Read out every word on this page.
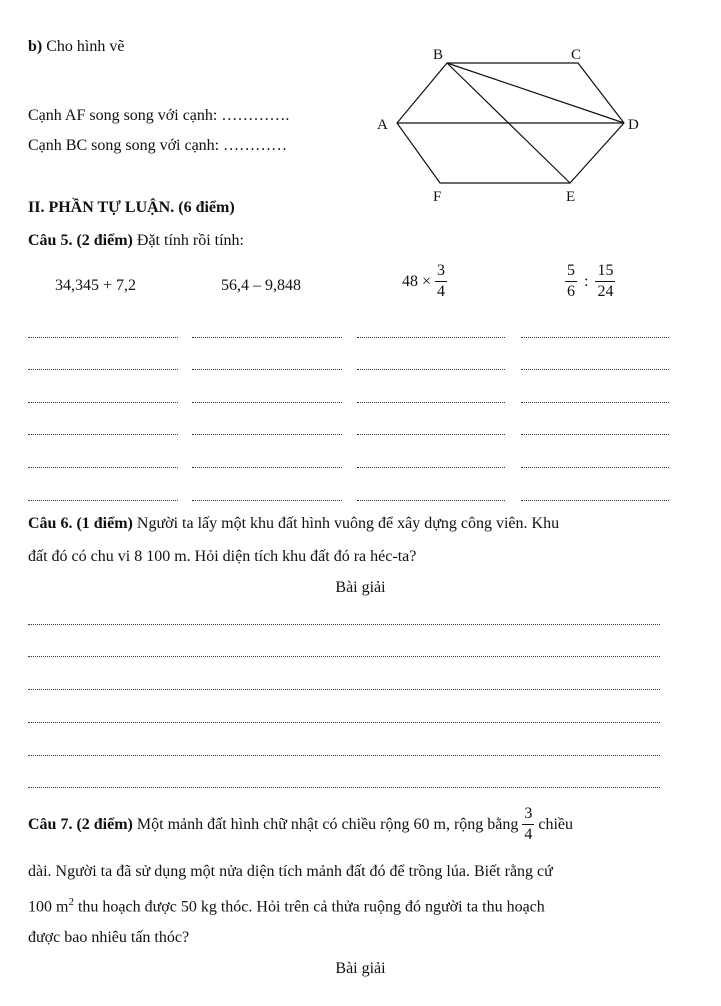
b) Cho hình vẽ
Cạnh AF song song với cạnh: ………….
Cạnh BC song song với cạnh: …………
B	C
A	D
F	E
II. PHẦN TỰ LUẬN. (6 điểm)
Câu 5. (2 điểm) Đặt tính rồi tính:
34,345 + 7,2	56,4 – 9,848	$48 \times \frac{3}{4}$	$\frac{5}{6}$ : $\frac{15}{24}$
Câu 6. (1 điểm) Người ta lấy một khu đất hình vuông để xây dựng công viên. Khu
đất đó có chu vi 8 100 m. Hỏi diện tích khu đất đó ra héc-ta?
Bài giải
Câu 7. (2 điểm) Một mảnh đất hình chữ nhật có chiều rộng 60 m, rộng bằng $\frac{3}{4}$ chiều
dài. Người ta đã sử dụng một nửa diện tích mảnh đất đó để trồng lúa. Biết rằng cứ
100 $m^2$ thu hoạch được 50 kg thóc. Hỏi trên cả thửa ruộng đó người ta thu hoạch
được bao nhiêu tấn thóc?
Bài giải
